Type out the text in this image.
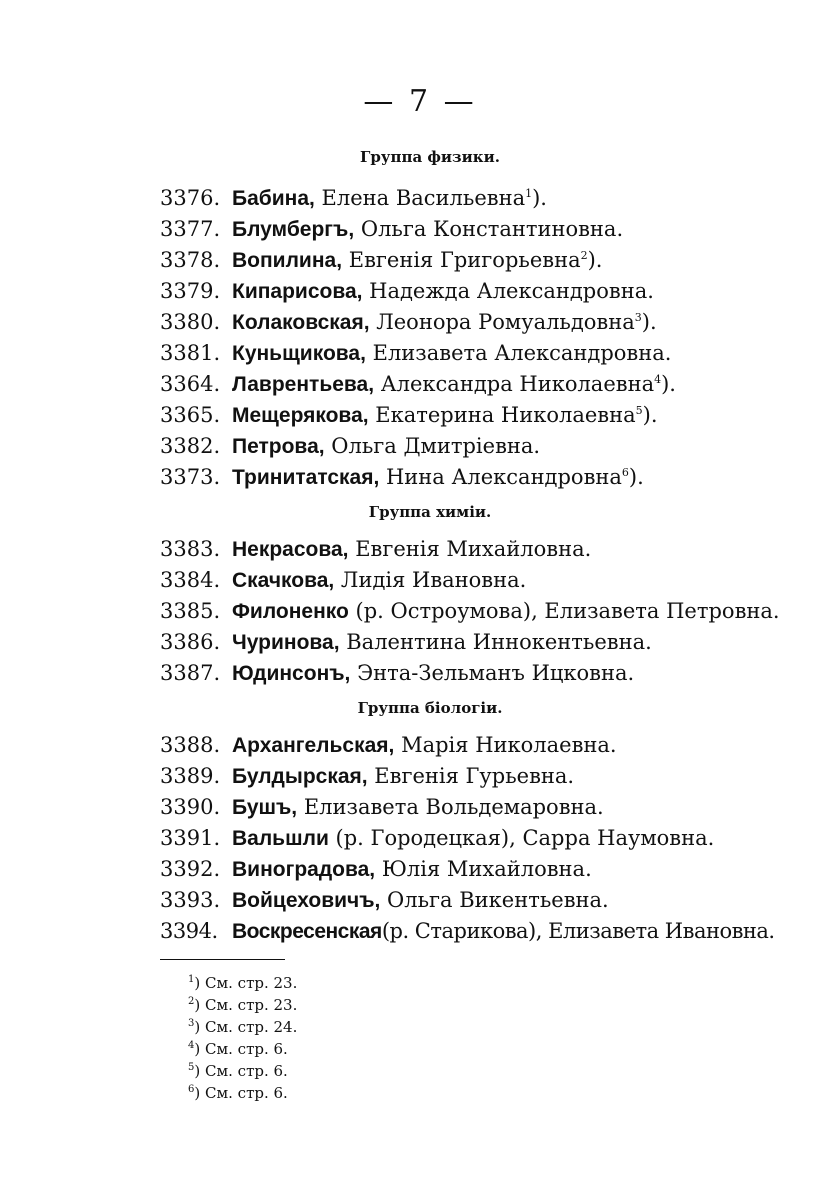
— 7 —
Группа физики.
3376. Бабина, Елена Васильевна$^1$).
3377. Блумбергъ, Ольга Константиновна.
3378. Вопилина, Евгенія Григорьевна$^2$).
3379. Кипарисова, Надежда Александровна.
3380. Колаковская, Леонора Ромуальдовна$^3$).
3381. Куньщикова, Елизавета Александровна.
3364. Лаврентьева, Александра Николаевна$^4$).
3365. Мещерякова, Екатерина Николаевна$^5$).
3382. Петрова, Ольга Дмитріевна.
3373. Тринитатская, Нина Александровна$^6$).
Группа химіи.
3383. Некрасова, Евгенія Михайловна.
3384. Скачкова, Лидія Ивановна.
3385. Филоненко (р. Остроумова), Елизавета Петровна.
3386. Чуринова, Валентина Иннокентьевна.
3387. Юдинсонъ, Энта-Зельманъ Ицковна.
Группа біологіи.
3388. Архангельская, Марія Николаевна.
3389. Булдырская, Евгенія Гурьевна.
3390. Бушъ, Елизавета Вольдемаровна.
3391. Вальшли (р. Городецкая), Сарра Наумовна.
3392. Виноградова, Юлія Михайловна.
3393. Войцеховичъ, Ольга Викентьевна.
3394. Воскресенская(р. Старикова), Елизавета Ивановна.
$^1$) См. стр. 23.
$^2$) См. стр. 23.
$^3$) См. стр. 24.
$^4$) См. стр. 6.
$^5$) См. стр. 6.
$^6$) См. стр. 6.
